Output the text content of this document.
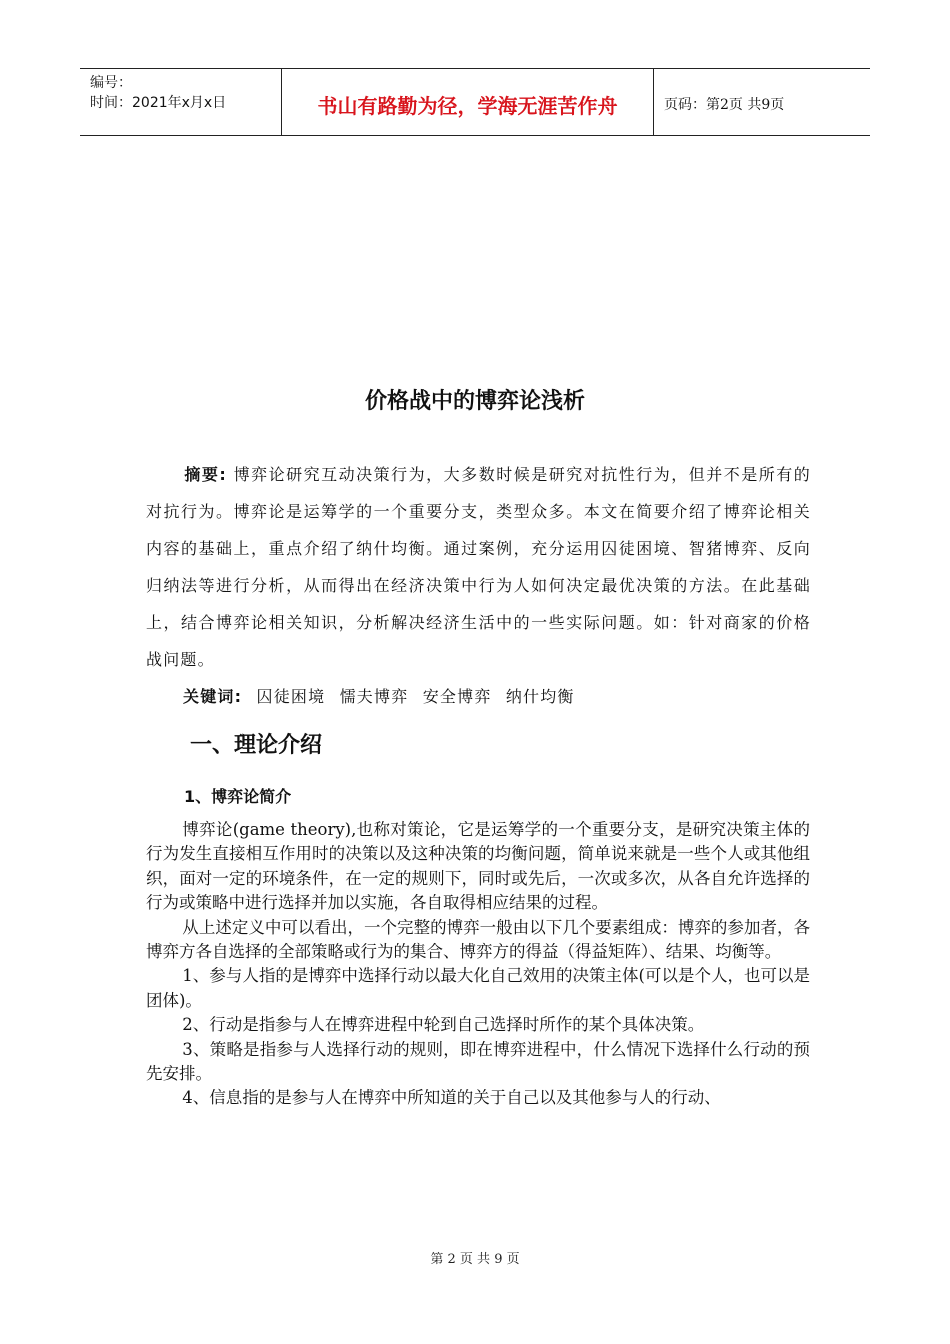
编号：
时间：2021年x月x日	书山有路勤为径，学海无涯苦作舟	页码：第2页 共9页
价格战中的博弈论浅析

摘要: 博弈论研究互动决策行为，大多数时候是研究对抗性行为，但并不是所有的对抗行为。博弈论是运筹学的一个重要分支，类型众多。本文在简要介绍了博弈论相关内容的基础上，重点介绍了纳什均衡。通过案例，充分运用囚徒困境、智猪博弈、反向归纳法等进行分析，从而得出在经济决策中行为人如何决定最优决策的方法。在此基础上，结合博弈论相关知识，分析解决经济生活中的一些实际问题。如：针对商家的价格战问题。

关键词: 囚徒困境 懦夫博弈 安全博弈 纳什均衡
一、理论介绍
1、博弈论简介

博弈论(game theory),也称对策论，它是运筹学的一个重要分支，是研究决策主体的行为发生直接相互作用时的决策以及这种决策的均衡问题，简单说来就是一些个人或其他组织，面对一定的环境条件，在一定的规则下，同时或先后，一次或多次，从各自允许选择的行为或策略中进行选择并加以实施，各自取得相应结果的过程。

从上述定义中可以看出，一个完整的博弈一般由以下几个要素组成：博弈的参加者，各博弈方各自选择的全部策略或行为的集合、博弈方的得益（得益矩阵）、结果、均衡等。

1、参与人指的是博弈中选择行动以最大化自己效用的决策主体(可以是个人，也可以是团体)。

2、行动是指参与人在博弈进程中轮到自己选择时所作的某个具体决策。

3、策略是指参与人选择行动的规则，即在博弈进程中，什么情况下选择什么行动的预先安排。

4、信息指的是参与人在博弈中所知道的关于自己以及其他参与人的行动、

第 2 页 共 9 页
